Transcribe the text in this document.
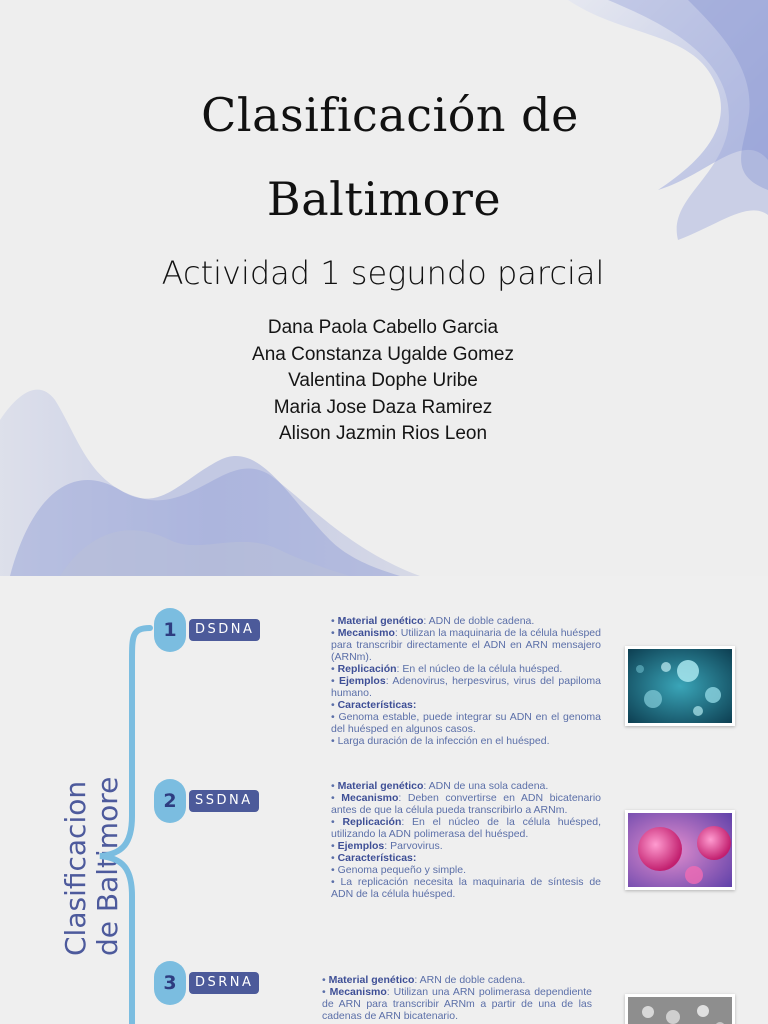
Clasificación de
Baltimore
Actividad 1 segundo parcial
Dana Paola Cabello Garcia
Ana Constanza Ugalde Gomez
Valentina Dophe Uribe
Maria Jose Daza Ramirez
Alison Jazmin Rios Leon
Clasificacion de Baltimore
1	DSDNA

• Material genético: ADN de doble cadena.

• Mecanismo: Utilizan la maquinaria de la célula huésped para transcribir directamente el ADN en ARN mensajero (ARNm).

• Replicación: En el núcleo de la célula huésped.

• Ejemplos: Adenovirus, herpesvirus, virus del papiloma humano.

• Características:

• Genoma estable, puede integrar su ADN en el genoma del huésped en algunos casos.

• Larga duración de la infección en el huésped.

2	SSDNA

• Material genético: ADN de una sola cadena.

• Mecanismo: Deben convertirse en ADN bicatenario antes de que la célula pueda transcribirlo a ARNm.

• Replicación: En el núcleo de la célula huésped, utilizando la ADN polimerasa del huésped.

• Ejemplos: Parvovirus.

• Características:

• Genoma pequeño y simple.

• La replicación necesita la maquinaria de síntesis de ADN de la célula huésped.

3	DSRNA	• Material genético: ARN de doble cadena.

• Mecanismo: Utilizan una ARN polimerasa dependiente de ARN para transcribir ARNm a partir de una de las cadenas de ARN bicatenario.
